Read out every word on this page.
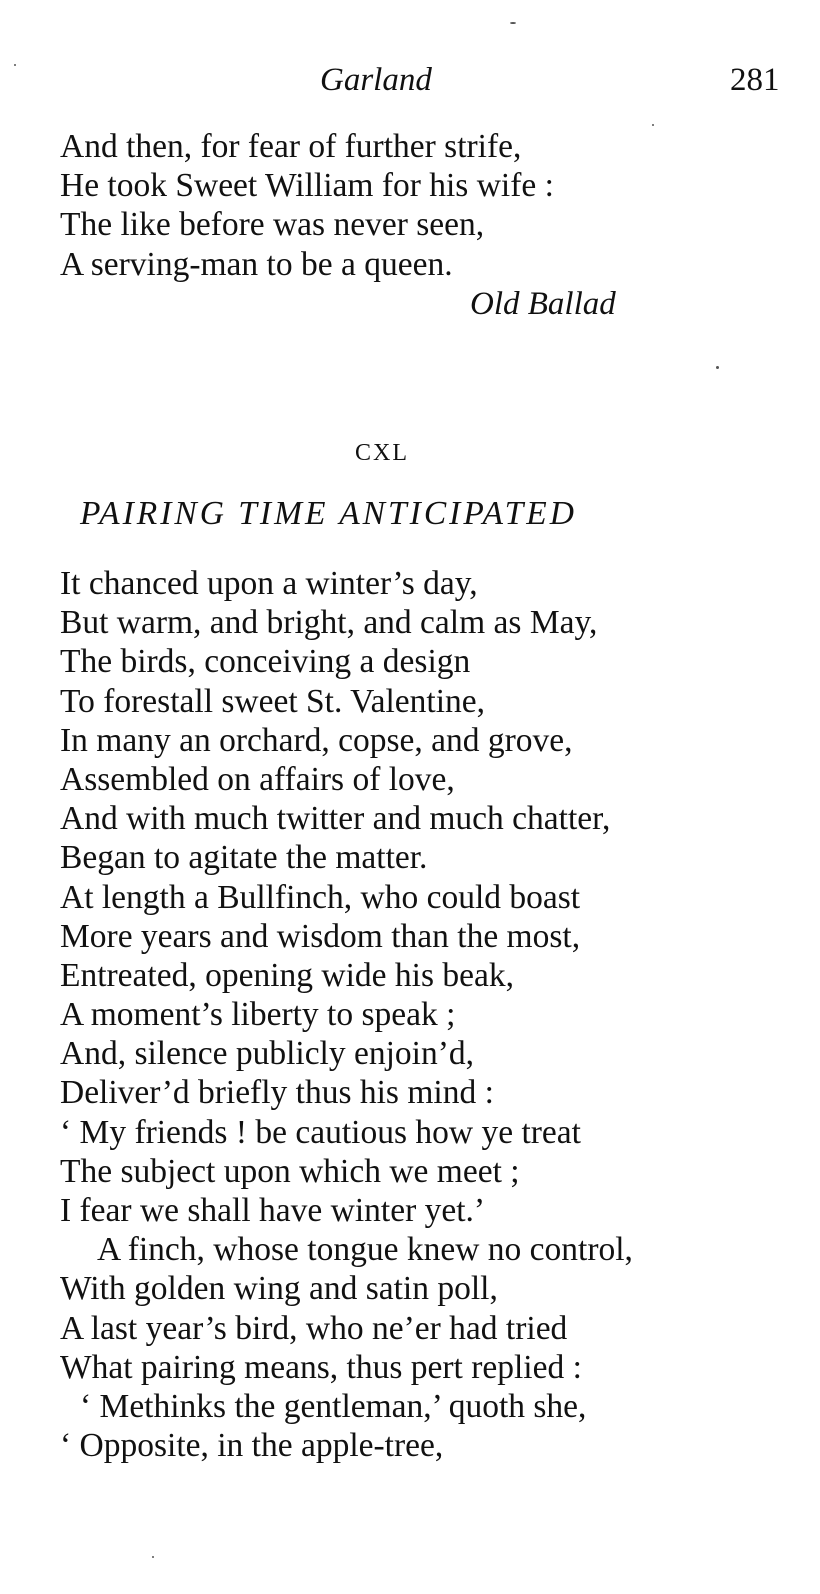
Garland	281
And then, for fear of further strife,
He took Sweet William for his wife :
The like before was never seen,
A serving-man to be a queen.
Old Ballad
CXL
PAIRING TIME ANTICIPATED
It chanced upon a winter’s day,
But warm, and bright, and calm as May,
The birds, conceiving a design
To forestall sweet St. Valentine,
In many an orchard, copse, and grove,
Assembled on affairs of love,
And with much twitter and much chatter,
Began to agitate the matter.
At length a Bullfinch, who could boast
More years and wisdom than the most,
Entreated, opening wide his beak,
A moment’s liberty to speak ;
And, silence publicly enjoin’d,
Deliver’d briefly thus his mind :
‘ My friends ! be cautious how ye treat
The subject upon which we meet ;
I fear we shall have winter yet.’
A finch, whose tongue knew no control,
With golden wing and satin poll,
A last year’s bird, who ne’er had tried
What pairing means, thus pert replied :
‘ Methinks the gentleman,’ quoth she,
‘ Opposite, in the apple-tree,
